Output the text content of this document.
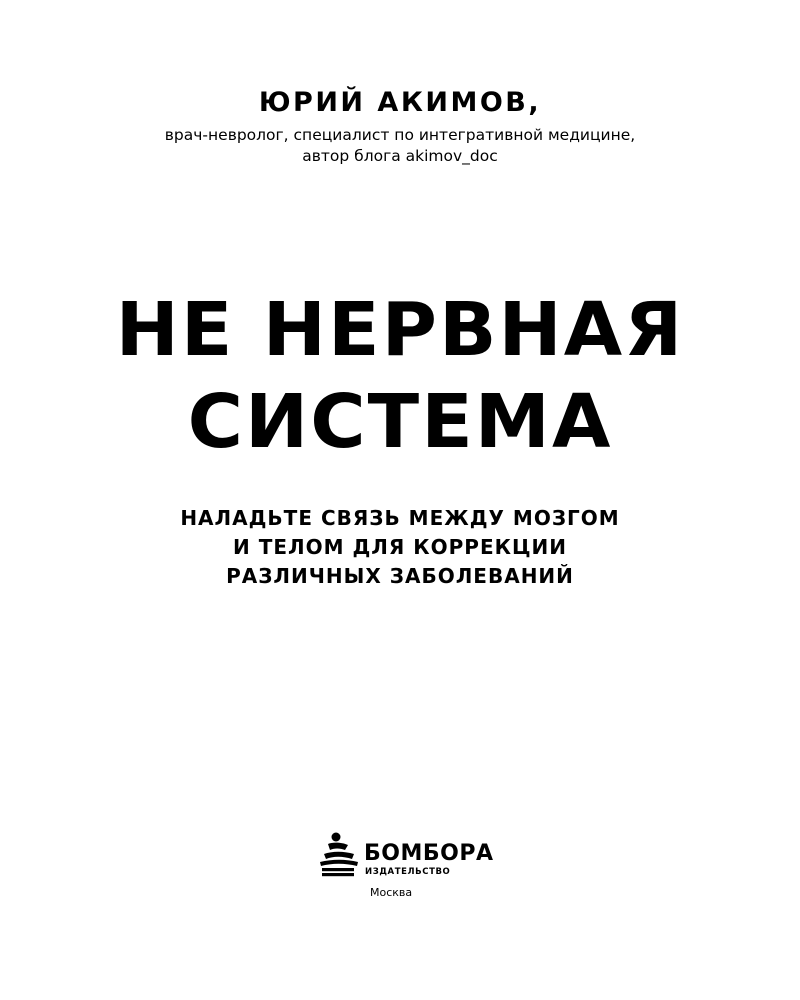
ЮРИЙ АКИМОВ,

врач-невролог, специалист по интегративной медицине,
автор блога akimov_doc

НЕ НЕРВНАЯ
СИСТЕМА
НАЛАДЬТЕ СВЯЗЬ МЕЖДУ МОЗГОМ
И ТЕЛОМ ДЛЯ КОРРЕКЦИИ
РАЗЛИЧНЫХ ЗАБОЛЕВАНИЙ
БОМБОРА
ИЗДАТЕЛЬСТВО
Москва
